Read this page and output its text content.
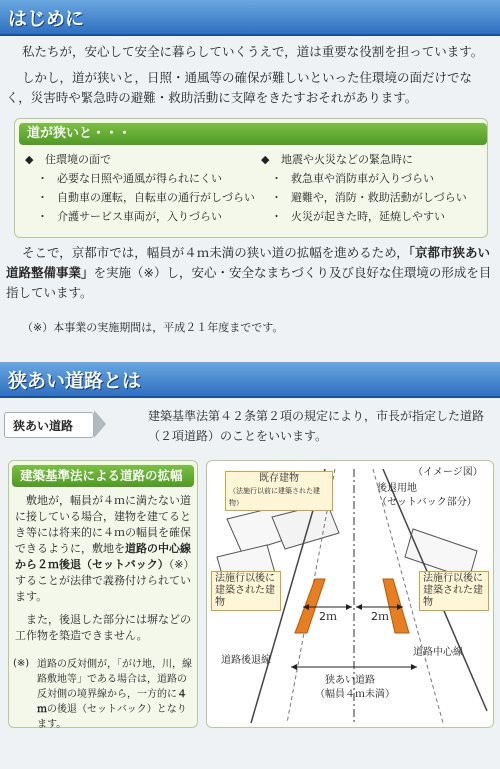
はじめに
私たちが，安心して安全に暮らしていくうえで，道は重要な役割を担っています。
しかし，道が狭いと，日照・通風等の確保が難しいといった住環境の面だけでなく，災害時や緊急時の避難・救助活動に支障をきたすおそれがあります。
道が狭いと・・・
◆ 住環境の面で
・ 必要な日照や通風が得られにくい
・ 自動車の運転，自転車の通行がしづらい
・ 介護サービス車両が，入りづらい
◆ 地震や火災などの緊急時に
・ 救急車や消防車が入りづらい
・ 避難や，消防・救助活動がしづらい
・ 火災が起きた時，延焼しやすい
そこで，京都市では，幅員が４ｍ未満の狭い道の拡幅を進めるため，「京都市狭あい道路整備事業」を実施（※）し，安心・安全なまちづくり及び良好な住環境の形成を目指しています。
（※）本事業の実施期間は，平成２１年度までです。
狭あい道路とは
狭あい道路
建築基準法第４２条第２項の規定により，市長が指定した道路（２項道路）のことをいいます。
建築基準法による道路の拡幅
敷地が，幅員が４ｍに満たない道に接している場合，建物を建てるとき等には将来的に４ｍの幅員を確保できるように，敷地を道路の中心線から２ｍ後退（セットバック）（※）することが法律で義務付けられています。
また，後退した部分には塀などの工作物を築造できません。
(※) 道路の反対側が，「がけ地，川，線路敷地等」である場合は，道路の反対側の境界線から，一方的に４ｍの後退（セットバック）となります。
（イメージ図）
既存建物
（法施行以前に建築された建物）
後退用地
（セットバック部分）
法施行以後に建築された建物
法施行以後に建築された建物
2ｍ	2ｍ
道路中心線
道路後退線
狭あい道路
（幅員４ｍ未満）
